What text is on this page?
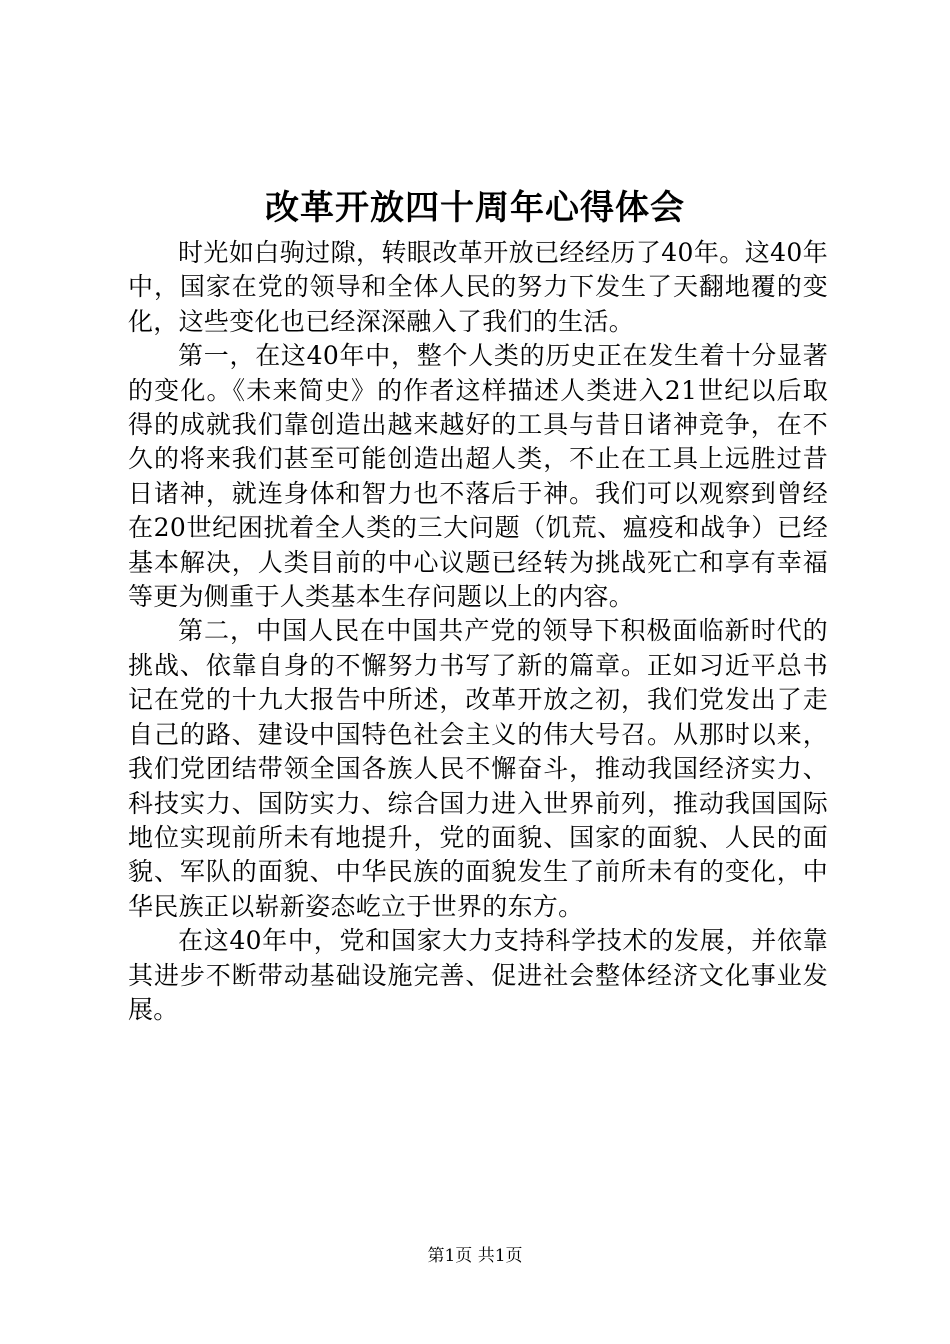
改革开放四十周年心得体会

时光如白驹过隙，转眼改革开放已经经历了40年。这40年中，国家在党的领导和全体人民的努力下发生了天翻地覆的变化，这些变化也已经深深融入了我们的生活。

第一，在这40年中，整个人类的历史正在发生着十分显著的变化。《未来简史》的作者这样描述人类进入21世纪以后取得的成就我们靠创造出越来越好的工具与昔日诸神竞争，在不久的将来我们甚至可能创造出超人类，不止在工具上远胜过昔日诸神，就连身体和智力也不落后于神。我们可以观察到曾经在20世纪困扰着全人类的三大问题（饥荒、瘟疫和战争）已经基本解决，人类目前的中心议题已经转为挑战死亡和享有幸福等更为侧重于人类基本生存问题以上的内容。

第二，中国人民在中国共产党的领导下积极面临新时代的挑战、依靠自身的不懈努力书写了新的篇章。正如习近平总书记在党的十九大报告中所述，改革开放之初，我们党发出了走自己的路、建设中国特色社会主义的伟大号召。从那时以来，我们党团结带领全国各族人民不懈奋斗，推动我国经济实力、科技实力、国防实力、综合国力进入世界前列，推动我国国际地位实现前所未有地提升，党的面貌、国家的面貌、人民的面貌、军队的面貌、中华民族的面貌发生了前所未有的变化，中华民族正以崭新姿态屹立于世界的东方。

在这40年中，党和国家大力支持科学技术的发展，并依靠其进步不断带动基础设施完善、促进社会整体经济文化事业发展。

第1页 共1页
